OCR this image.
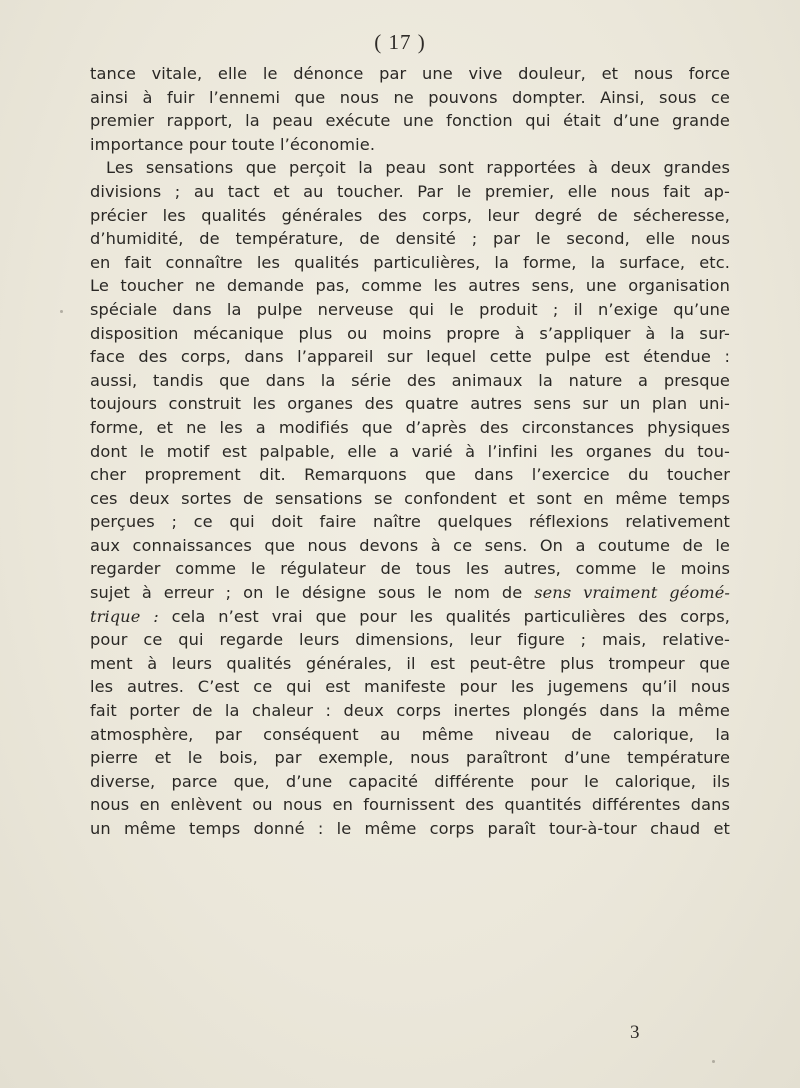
( 17 )
tance vitale, elle le dénonce par une vive douleur, et nous force
ainsi à fuir l’ennemi que nous ne pouvons dompter. Ainsi, sous ce
premier rapport, la peau exécute une fonction qui était d’une grande
importance pour toute l’économie.
Les sensations que perçoit la peau sont rapportées à deux grandes
divisions ; au tact et au toucher. Par le premier, elle nous fait ap-
précier les qualités générales des corps, leur degré de sécheresse,
d’humidité, de température, de densité ; par le second, elle nous
en fait connaître les qualités particulières, la forme, la surface, etc.
Le toucher ne demande pas, comme les autres sens, une organisation
spéciale dans la pulpe nerveuse qui le produit ; il n’exige qu’une
disposition mécanique plus ou moins propre à s’appliquer à la sur-
face des corps, dans l’appareil sur lequel cette pulpe est étendue :
aussi, tandis que dans la série des animaux la nature a presque
toujours construit les organes des quatre autres sens sur un plan uni-
forme, et ne les a modifiés que d’après des circonstances physiques
dont le motif est palpable, elle a varié à l’infini les organes du tou-
cher proprement dit. Remarquons que dans l’exercice du toucher
ces deux sortes de sensations se confondent et sont en même temps
perçues ; ce qui doit faire naître quelques réflexions relativement
aux connaissances que nous devons à ce sens. On a coutume de le
regarder comme le régulateur de tous les autres, comme le moins
sujet à erreur ; on le désigne sous le nom de sens vraiment géomé-
trique : cela n’est vrai que pour les qualités particulières des corps,
pour ce qui regarde leurs dimensions, leur figure ; mais, relative-
ment à leurs qualités générales, il est peut-être plus trompeur que
les autres. C’est ce qui est manifeste pour les jugemens qu’il nous
fait porter de la chaleur : deux corps inertes plongés dans la même
atmosphère, par conséquent au même niveau de calorique, la
pierre et le bois, par exemple, nous paraîtront d’une température
diverse, parce que, d’une capacité différente pour le calorique, ils
nous en enlèvent ou nous en fournissent des quantités différentes dans
un même temps donné : le même corps paraît tour-à-tour chaud et
3
